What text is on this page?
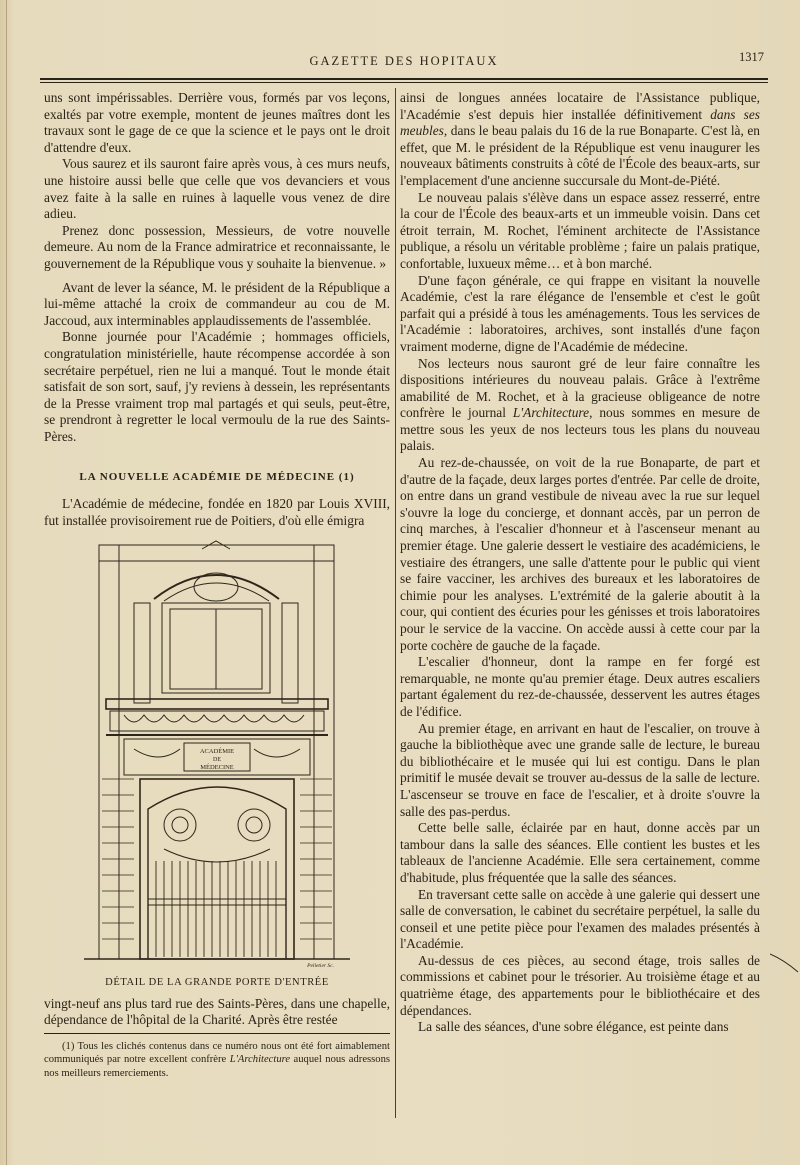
GAZETTE DES HOPITAUX	1317

uns sont impérissables. Derrière vous, formés par vos leçons, exaltés par votre exemple, montent de jeunes maîtres dont les travaux sont le gage de ce que la science et le pays ont le droit d'attendre d'eux.

Vous saurez et ils sauront faire après vous, à ces murs neufs, une histoire aussi belle que celle que vos devanciers et vous avez faite à la salle en ruines à laquelle vous venez de dire adieu.

Prenez donc possession, Messieurs, de votre nouvelle demeure. Au nom de la France admiratrice et reconnaissante, le gouvernement de la République vous y souhaite la bienvenue. »

Avant de lever la séance, M. le président de la République a lui-même attaché la croix de commandeur au cou de M. Jaccoud, aux interminables applaudissements de l'assemblée.

Bonne journée pour l'Académie ; hommages officiels, congratulation ministérielle, haute récompense accordée à son secrétaire perpétuel, rien ne lui a manqué. Tout le monde était satisfait de son sort, sauf, j'y reviens à dessein, les représentants de la Presse vraiment trop mal partagés et qui seuls, peut-être, se prendront à regretter le local vermoulu de la rue des Saints-Pères.

LA NOUVELLE ACADÉMIE DE MÉDECINE (1)

L'Académie de médecine, fondée en 1820 par Louis XVIII, fut installée provisoirement rue de Poitiers, d'où elle émigra

ACADÉMIE
DE
MÉDECINE
Pelletier Sc.
DÉTAIL DE LA GRANDE PORTE D'ENTRÉE

vingt-neuf ans plus tard rue des Saints-Pères, dans une chapelle, dépendance de l'hôpital de la Charité. Après être restée

(1) Tous les clichés contenus dans ce numéro nous ont été fort aimablement communiqués par notre excellent confrère L'Architecture auquel nous adressons nos meilleurs remerciements.

ainsi de longues années locataire de l'Assistance publique, l'Académie s'est depuis hier installée définitivement dans ses meubles, dans le beau palais du 16 de la rue Bonaparte. C'est là, en effet, que M. le président de la République est venu inaugurer les nouveaux bâtiments construits à côté de l'École des beaux-arts, sur l'emplacement d'une ancienne succursale du Mont-de-Piété.

Le nouveau palais s'élève dans un espace assez resserré, entre la cour de l'École des beaux-arts et un immeuble voisin. Dans cet étroit terrain, M. Rochet, l'éminent architecte de l'Assistance publique, a résolu un véritable problème ; faire un palais pratique, confortable, luxueux même… et à bon marché.

D'une façon générale, ce qui frappe en visitant la nouvelle Académie, c'est la rare élégance de l'ensemble et c'est le goût parfait qui a présidé à tous les aménagements. Tous les services de l'Académie : laboratoires, archives, sont installés d'une façon vraiment moderne, digne de l'Académie de médecine.

Nos lecteurs nous sauront gré de leur faire connaître les dispositions intérieures du nouveau palais. Grâce à l'extrême amabilité de M. Rochet, et à la gracieuse obligeance de notre confrère le journal L'Architecture, nous sommes en mesure de mettre sous les yeux de nos lecteurs tous les plans du nouveau palais.

Au rez-de-chaussée, on voit de la rue Bonaparte, de part et d'autre de la façade, deux larges portes d'entrée. Par celle de droite, on entre dans un grand vestibule de niveau avec la rue sur lequel s'ouvre la loge du concierge, et donnant accès, par un perron de cinq marches, à l'escalier d'honneur et à l'ascenseur menant au premier étage. Une galerie dessert le vestiaire des académiciens, le vestiaire des étrangers, une salle d'attente pour le public qui vient se faire vacciner, les archives des bureaux et les laboratoires de chimie pour les analyses. L'extrémité de la galerie aboutit à la cour, qui contient des écuries pour les génisses et trois laboratoires pour le service de la vaccine. On accède aussi à cette cour par la porte cochère de gauche de la façade.

L'escalier d'honneur, dont la rampe en fer forgé est remarquable, ne monte qu'au premier étage. Deux autres escaliers partant également du rez-de-chaussée, desservent les autres étages de l'édifice.

Au premier étage, en arrivant en haut de l'escalier, on trouve à gauche la bibliothèque avec une grande salle de lecture, le bureau du bibliothécaire et le musée qui lui est contigu. Dans le plan primitif le musée devait se trouver au-dessus de la salle de lecture. L'ascenseur se trouve en face de l'escalier, et à droite s'ouvre la salle des pas-perdus.

Cette belle salle, éclairée par en haut, donne accès par un tambour dans la salle des séances. Elle contient les bustes et les tableaux de l'ancienne Académie. Elle sera certainement, comme d'habitude, plus fréquentée que la salle des séances.

En traversant cette salle on accède à une galerie qui dessert une salle de conversation, le cabinet du secrétaire perpétuel, la salle du conseil et une petite pièce pour l'examen des malades présentés à l'Académie.

Au-dessus de ces pièces, au second étage, trois salles de commissions et cabinet pour le trésorier. Au troisième étage et au quatrième étage, des appartements pour le bibliothécaire et des dépendances.

La salle des séances, d'une sobre élégance, est peinte dans
